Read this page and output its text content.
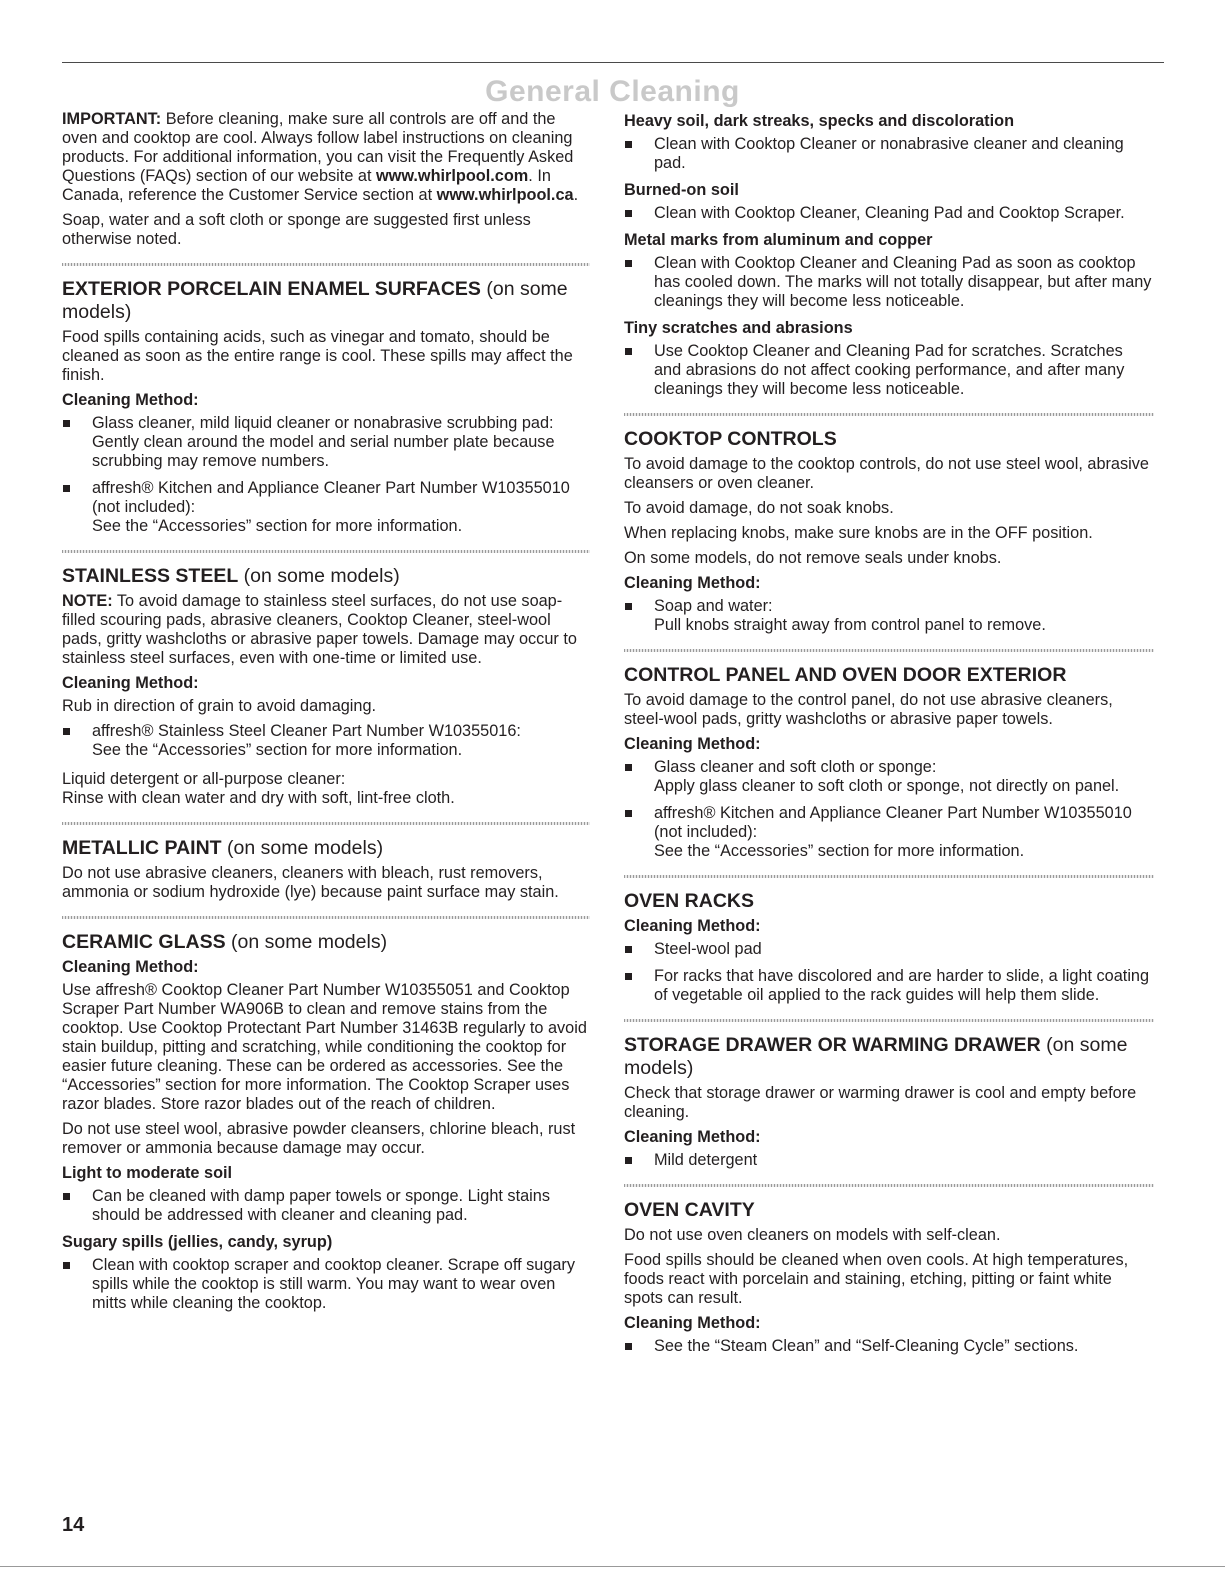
General Cleaning

IMPORTANT: Before cleaning, make sure all controls are off and the oven and cooktop are cool. Always follow label instructions on cleaning products. For additional information, you can visit the Frequently Asked Questions (FAQs) section of our website at www.whirlpool.com. In Canada, reference the Customer Service section at www.whirlpool.ca.

Soap, water and a soft cloth or sponge are suggested first unless otherwise noted.

EXTERIOR PORCELAIN ENAMEL SURFACES (on some models)

Food spills containing acids, such as vinegar and tomato, should be cleaned as soon as the entire range is cool. These spills may affect the finish.

Cleaning Method:
Glass cleaner, mild liquid cleaner or nonabrasive scrubbing pad:
Gently clean around the model and serial number plate because scrubbing may remove numbers.
affresh® Kitchen and Appliance Cleaner Part Number W10355010 (not included):
See the “Accessories” section for more information.
STAINLESS STEEL (on some models)

NOTE: To avoid damage to stainless steel surfaces, do not use soap-filled scouring pads, abrasive cleaners, Cooktop Cleaner, steel-wool pads, gritty washcloths or abrasive paper towels. Damage may occur to stainless steel surfaces, even with one-time or limited use.

Cleaning Method:

Rub in direction of grain to avoid damaging.

affresh® Stainless Steel Cleaner Part Number W10355016:
See the “Accessories” section for more information.

Liquid detergent or all-purpose cleaner:
Rinse with clean water and dry with soft, lint-free cloth.

METALLIC PAINT (on some models)

Do not use abrasive cleaners, cleaners with bleach, rust removers, ammonia or sodium hydroxide (lye) because paint surface may stain.

CERAMIC GLASS (on some models)
Cleaning Method:

Use affresh® Cooktop Cleaner Part Number W10355051 and Cooktop Scraper Part Number WA906B to clean and remove stains from the cooktop. Use Cooktop Protectant Part Number 31463B regularly to avoid stain buildup, pitting and scratching, while conditioning the cooktop for easier future cleaning. These can be ordered as accessories. See the “Accessories” section for more information. The Cooktop Scraper uses razor blades. Store razor blades out of the reach of children.

Do not use steel wool, abrasive powder cleansers, chlorine bleach, rust remover or ammonia because damage may occur.

Light to moderate soil
Can be cleaned with damp paper towels or sponge. Light stains should be addressed with cleaner and cleaning pad.
Sugary spills (jellies, candy, syrup)
Clean with cooktop scraper and cooktop cleaner. Scrape off sugary spills while the cooktop is still warm. You may want to wear oven mitts while cleaning the cooktop.
Heavy soil, dark streaks, specks and discoloration
Clean with Cooktop Cleaner or nonabrasive cleaner and cleaning pad.
Burned-on soil
Clean with Cooktop Cleaner, Cleaning Pad and Cooktop Scraper.
Metal marks from aluminum and copper
Clean with Cooktop Cleaner and Cleaning Pad as soon as cooktop has cooled down. The marks will not totally disappear, but after many cleanings they will become less noticeable.
Tiny scratches and abrasions
Use Cooktop Cleaner and Cleaning Pad for scratches. Scratches and abrasions do not affect cooking performance, and after many cleanings they will become less noticeable.
COOKTOP CONTROLS

To avoid damage to the cooktop controls, do not use steel wool, abrasive cleansers or oven cleaner.

To avoid damage, do not soak knobs.

When replacing knobs, make sure knobs are in the OFF position.

On some models, do not remove seals under knobs.

Cleaning Method:
Soap and water:
Pull knobs straight away from control panel to remove.
CONTROL PANEL AND OVEN DOOR EXTERIOR

To avoid damage to the control panel, do not use abrasive cleaners, steel-wool pads, gritty washcloths or abrasive paper towels.

Cleaning Method:
Glass cleaner and soft cloth or sponge:
Apply glass cleaner to soft cloth or sponge, not directly on panel.
affresh® Kitchen and Appliance Cleaner Part Number W10355010 (not included):
See the “Accessories” section for more information.
OVEN RACKS
Cleaning Method:
Steel-wool pad
For racks that have discolored and are harder to slide, a light coating of vegetable oil applied to the rack guides will help them slide.
STORAGE DRAWER OR WARMING DRAWER (on some models)

Check that storage drawer or warming drawer is cool and empty before cleaning.

Cleaning Method:
Mild detergent
OVEN CAVITY

Do not use oven cleaners on models with self-clean.

Food spills should be cleaned when oven cools. At high temperatures, foods react with porcelain and staining, etching, pitting or faint white spots can result.

Cleaning Method:
See the “Steam Clean” and “Self-Cleaning Cycle” sections.
14
